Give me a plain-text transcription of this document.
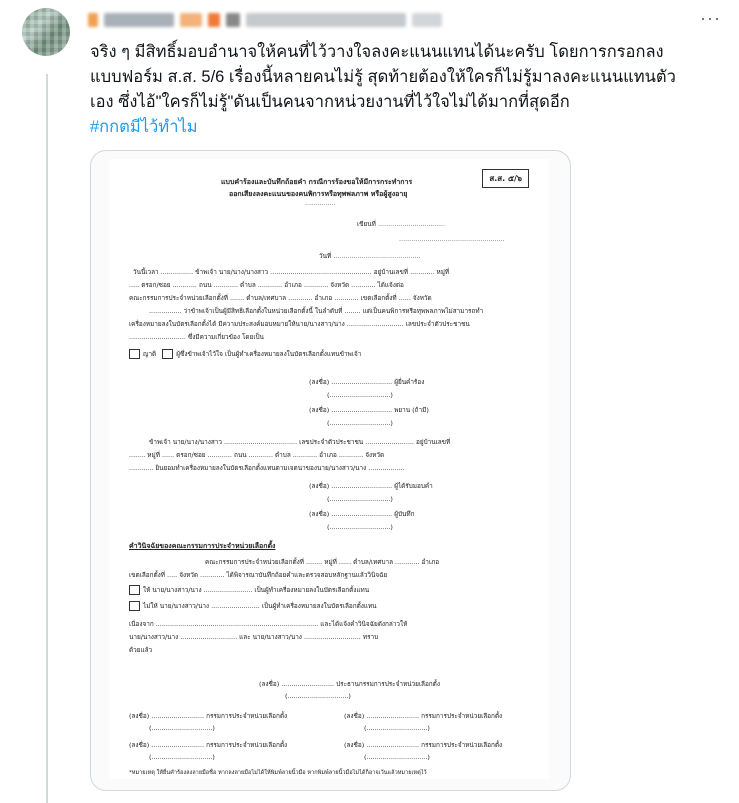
···

จริง ๆ มีสิทธิ์มอบอำนาจให้คนที่ไว้วางใจลงคะแนนแทนได้นะครับ โดยการกรอกลง

แบบฟอร์ม ส.ส. 5/6 เรื่องนี้หลายคนไม่รู้ สุดท้ายต้องให้ใครก็ไม่รู้มาลงคะแนนแทนตัว

เอง ซึ่งไอ้"ใครก็ไม่รู้"ดันเป็นคนจากหน่วยงานที่ไว้ใจไม่ได้มากที่สุดอีก

#กกตมีไว้ทำไม

ส.ส. ๕/๖
แบบคำร้องและบันทึกถ้อยคำ กรณีการร้องขอให้มีการกระทำการ
ออกเสียงลงคะแนนของคนพิการหรือทุพพลภาพ หรือผู้สูงอายุ
...............
เขียนที่ .................................
....................................................
วันที่ ...........................................
วันนี้เวลา ................ ข้าพเจ้า นาย/นาง/นางสาว .................................................. อยู่บ้านเลขที่ ............ หมู่ที่
..... ตรอก/ซอย ............ ถนน ............ ตำบล ............ อำเภอ ............ จังหวัด ............ ได้แจ้งต่อ
คณะกรรมการประจำหน่วยเลือกตั้งที่ ....... ตำบล/เทศบาล ............ อำเภอ ............ เขตเลือกตั้งที่ ...... จังหวัด
................ ว่าข้าพเจ้าเป็นผู้มีสิทธิเลือกตั้งในหน่วยเลือกตั้งนี้ ในลำดับที่ ........ แต่เป็นคนพิการหรือทุพพลภาพไม่สามารถทำ
เครื่องหมายลงในบัตรเลือกตั้งได้ มีความประสงค์มอบหมายให้นาย/นางสาว/นาง ............................ เลขประจำตัวประชาชน
............................ ซึ่งมีความเกี่ยวข้อง โดยเป็น
ญาติ	ผู้ซึ่งข้าพเจ้าไว้ใจ เป็นผู้ทำเครื่องหมายลงในบัตรเลือกตั้งแทนข้าพเจ้า
(ลงชื่อ) .............................. ผู้ยื่นคำร้อง
(..............................)
(ลงชื่อ) .............................. พยาน (ถ้ามี)
(..............................)
ข้าพเจ้า นาย/นาง/นางสาว .................................... เลขประจำตัวประชาชน ........................ อยู่บ้านเลขที่
........ หมู่ที่ ...... ตรอก/ซอย ............ ถนน ............ ตำบล ............ อำเภอ ............ จังหวัด
............ ยินยอมทำเครื่องหมายลงในบัตรเลือกตั้งแทนตามเจตนาของนาย/นางสาว/นาง ..................
(ลงชื่อ) .............................. ผู้ได้รับมอบคำ
(..............................)
(ลงชื่อ) .............................. ผู้บันทึก
(..............................)
คำวินิจฉัยของคณะกรรมการประจำหน่วยเลือกตั้ง
คณะกรรมการประจำหน่วยเลือกตั้งที่ ........ หมู่ที่ ...... ตำบล/เทศบาล ............ อำเภอ
เขตเลือกตั้งที่ ..... จังหวัด ............ ได้พิจารณาบันทึกถ้อยคำและตรวจสอบหลักฐานแล้ววินิจฉัย
ให้ นาย/นางสาว/นาง ........................ เป็นผู้ทำเครื่องหมายลงในบัตรเลือกตั้งแทน
ไม่ให้ นาย/นางสาว/นาง ........................ เป็นผู้ทำเครื่องหมายลงในบัตรเลือกตั้งแทน
เนื่องจาก ................................................................................ และได้แจ้งคำวินิจฉัยดังกล่าวให้
นาย/นางสาว/นาง ............................ และ นาย/นางสาว/นาง ............................ ทราบ
ด้วยแล้ว
(ลงชื่อ) .......................... ประธานกรรมการประจำหน่วยเลือกตั้ง
(..............................)
(ลงชื่อ) .......................... กรรมการประจำหน่วยเลือกตั้ง	(ลงชื่อ) .......................... กรรมการประจำหน่วยเลือกตั้ง
(..............................)	(..............................)
(ลงชื่อ) .......................... กรรมการประจำหน่วยเลือกตั้ง	(ลงชื่อ) .......................... กรรมการประจำหน่วยเลือกตั้ง
(..............................)	(..............................)
*หมายเหตุ ให้ยื่นคำร้องลงลายมือชื่อ หากลงลายมือไม่ได้ให้พิมพ์ลายนิ้วมือ หากพิมพ์ลายนิ้วมือไม่ได้ก็อาจเว้นแล้วหมายเหตุไว้
